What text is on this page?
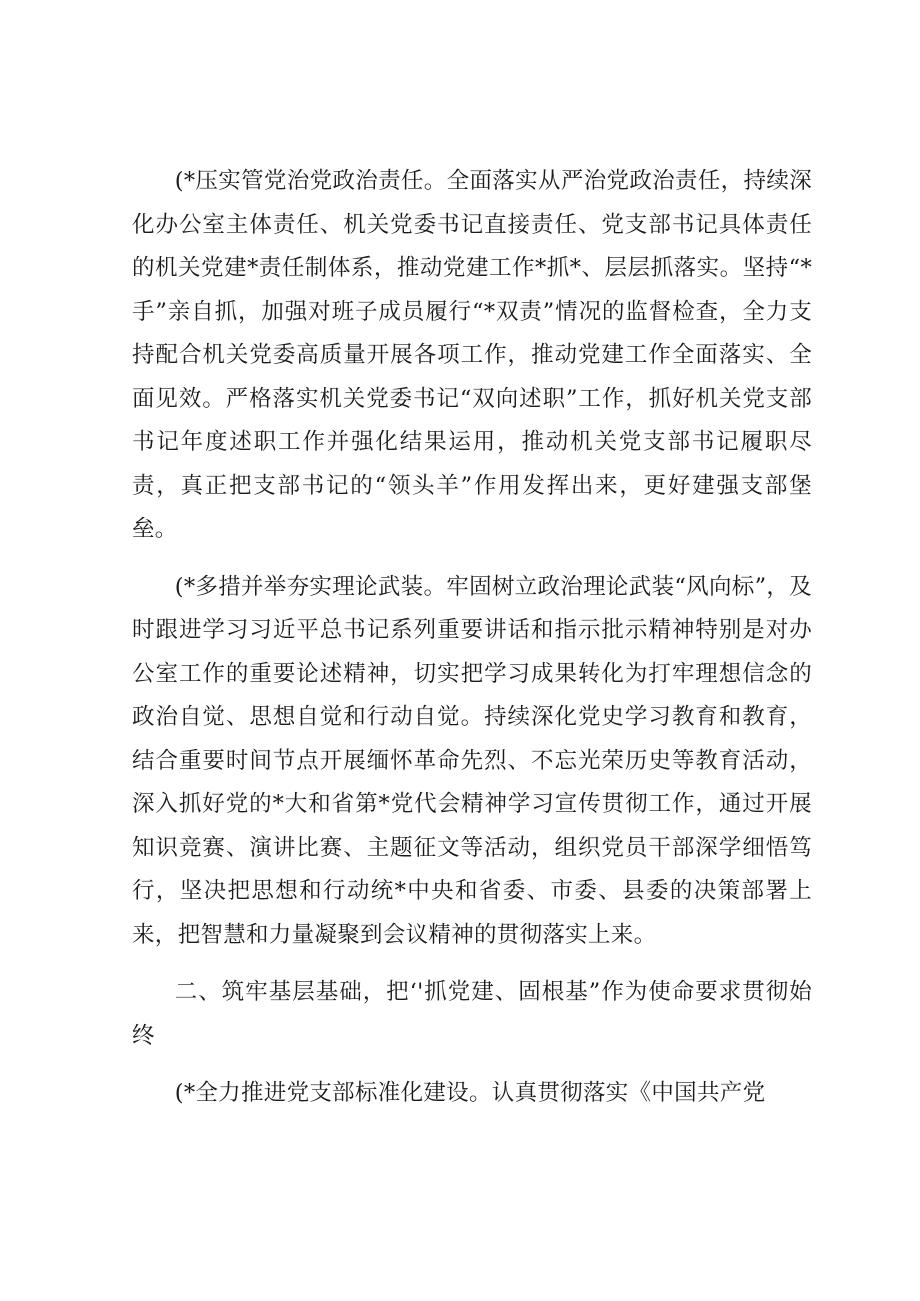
(*压实管党治党政治责任。全面落实从严治党政治责任，持续深化办公室主体责任、机关党委书记直接责任、党支部书记具体责任的机关党建*责任制体系，推动党建工作*抓*、层层抓落实。坚持“*手”亲自抓，加强对班子成员履行“*双责”情况的监督检查，全力支持配合机关党委高质量开展各项工作，推动党建工作全面落实、全面见效。严格落实机关党委书记“双向述职”工作，抓好机关党支部书记年度述职工作并强化结果运用，推动机关党支部书记履职尽责，真正把支部书记的“领头羊”作用发挥出来，更好建强支部堡垒。

(*多措并举夯实理论武装。牢固树立政治理论武装“风向标”，及时跟进学习习近平总书记系列重要讲话和指示批示精神特别是对办公室工作的重要论述精神，切实把学习成果转化为打牢理想信念的政治自觉、思想自觉和行动自觉。持续深化党史学习教育和教育，结合重要时间节点开展缅怀革命先烈、不忘光荣历史等教育活动，深入抓好党的*大和省第*党代会精神学习宣传贯彻工作，通过开展知识竞赛、演讲比赛、主题征文等活动，组织党员干部深学细悟笃行，坚决把思想和行动统*中央和省委、市委、县委的决策部署上来，把智慧和力量凝聚到会议精神的贯彻落实上来。

二、筑牢基层基础，把‘'抓党建、固根基”作为使命要求贯彻始终

(*全力推进党支部标准化建设。认真贯彻落实《中国共产党
